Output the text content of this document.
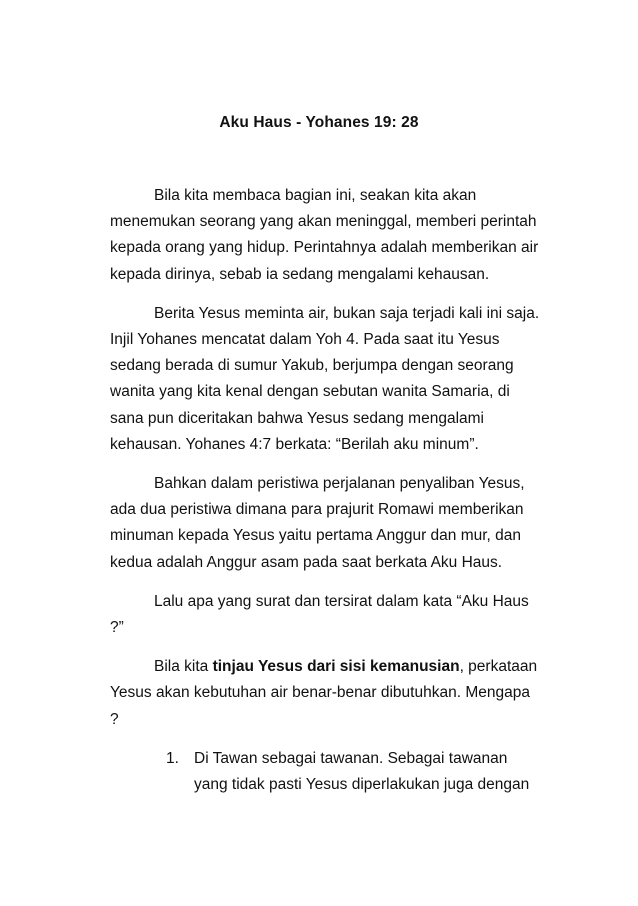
Aku Haus - Yohanes 19: 28

Bila kita membaca bagian ini, seakan kita akan menemukan seorang yang akan meninggal, memberi perintah kepada orang yang hidup. Perintahnya adalah memberikan air kepada dirinya, sebab ia sedang mengalami kehausan.

Berita Yesus meminta air, bukan saja terjadi kali ini saja. Injil Yohanes mencatat dalam Yoh 4. Pada saat itu Yesus sedang berada di sumur Yakub, berjumpa dengan seorang wanita yang kita kenal dengan sebutan wanita Samaria, di sana pun diceritakan bahwa Yesus sedang mengalami kehausan. Yohanes 4:7 berkata: “Berilah aku minum”.

Bahkan dalam peristiwa perjalanan penyaliban Yesus, ada dua peristiwa dimana para prajurit Romawi memberikan minuman kepada Yesus yaitu pertama Anggur dan mur, dan kedua adalah Anggur asam pada saat berkata Aku Haus.

Lalu apa yang surat dan tersirat dalam kata “Aku Haus ?”

Bila kita tinjau Yesus dari sisi kemanusian, perkataan Yesus akan kebutuhan air benar-benar dibutuhkan. Mengapa ?

1. Di Tawan sebagai tawanan. Sebagai tawanan yang tidak pasti Yesus diperlakukan juga dengan
